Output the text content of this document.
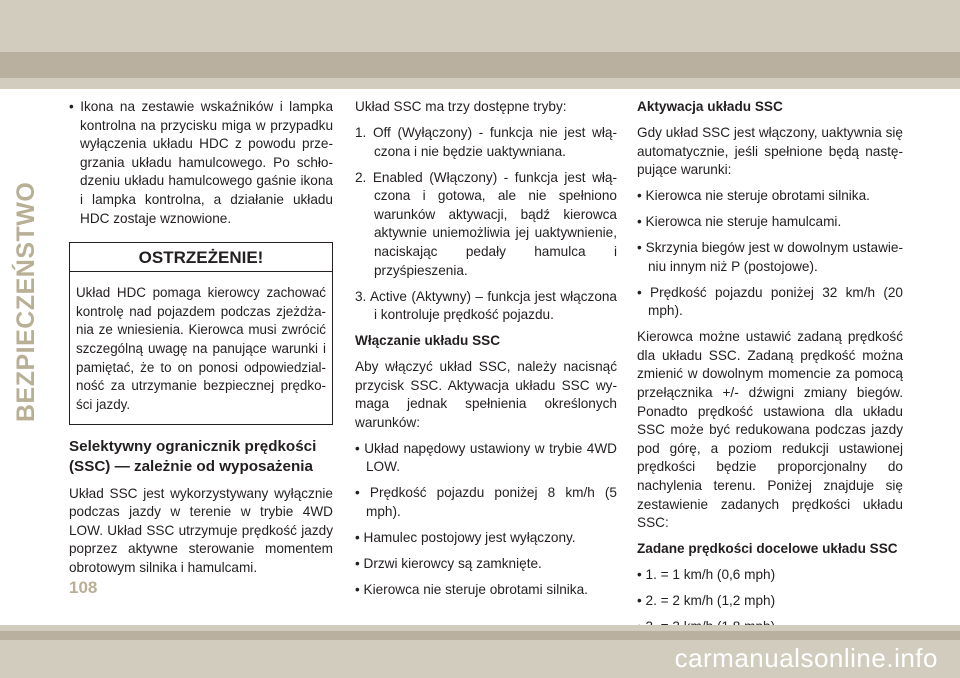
BEZPIECZEŃSTWO

• Ikona na zestawie wskaźników i lampka kontrolna na przycisku miga w przypadku wyłączenia układu HDC z powodu przegrzania układu hamulcowego. Po schłodzeniu układu hamulcowego gaśnie ikona i lampka kontrolna, a działanie układu HDC zostaje wznowione.

OSTRZEŻENIE!
Układ HDC pomaga kierowcy zachować kontrolę nad pojazdem podczas zjeżdżania ze wniesienia. Kierowca musi zwrócić szczególną uwagę na panujące warunki i pamiętać, że to on ponosi odpowiedzialność za utrzymanie bezpiecznej prędkości jazdy.

Selektywny ogranicznik prędkości (SSC) — zależnie od wyposażenia

Układ SSC jest wykorzystywany wyłącznie podczas jazdy w terenie w trybie 4WD LOW. Układ SSC utrzymuje prędkość jazdy poprzez aktywne sterowanie momentem obrotowym silnika i hamulcami.

Układ SSC ma trzy dostępne tryby:

1. Off (Wyłączony) - funkcja nie jest włączona i nie będzie uaktywniana.

2. Enabled (Włączony) - funkcja jest włączona i gotowa, ale nie spełniono warunków aktywacji, bądź kierowca aktywnie uniemożliwia jej uaktywnienie, naciskając pedały hamulca i przyśpieszenia.

3. Active (Aktywny) – funkcja jest włączona i kontroluje prędkość pojazdu.

Włączanie układu SSC

Aby włączyć układ SSC, należy nacisnąć przycisk SSC. Aktywacja układu SSC wymaga jednak spełnienia określonych warunków:

• Układ napędowy ustawiony w trybie 4WD LOW.

• Prędkość pojazdu poniżej 8 km/h (5 mph).

• Hamulec postojowy jest wyłączony.

• Drzwi kierowcy są zamknięte.

• Kierowca nie steruje obrotami silnika.

Aktywacja układu SSC

Gdy układ SSC jest włączony, uaktywnia się automatycznie, jeśli spełnione będą następujące warunki:

• Kierowca nie steruje obrotami silnika.

• Kierowca nie steruje hamulcami.

• Skrzynia biegów jest w dowolnym ustawieniu innym niż P (postojowe).

• Prędkość pojazdu poniżej 32 km/h (20 mph).

Kierowca możne ustawić zadaną prędkość dla układu SSC. Zadaną prędkość można zmienić w dowolnym momencie za pomocą przełącznika +/- dźwigni zmiany biegów. Ponadto prędkość ustawiona dla układu SSC może być redukowana podczas jazdy pod górę, a poziom redukcji ustawionej prędkości będzie proporcjonalny do nachylenia terenu. Poniżej znajduje się zestawienie zadanych prędkości układu SSC:

Zadane prędkości docelowe układu SSC

• 1. = 1 km/h (0,6 mph)

• 2. = 2 km/h (1,2 mph)

108
carmanualsonline.info
